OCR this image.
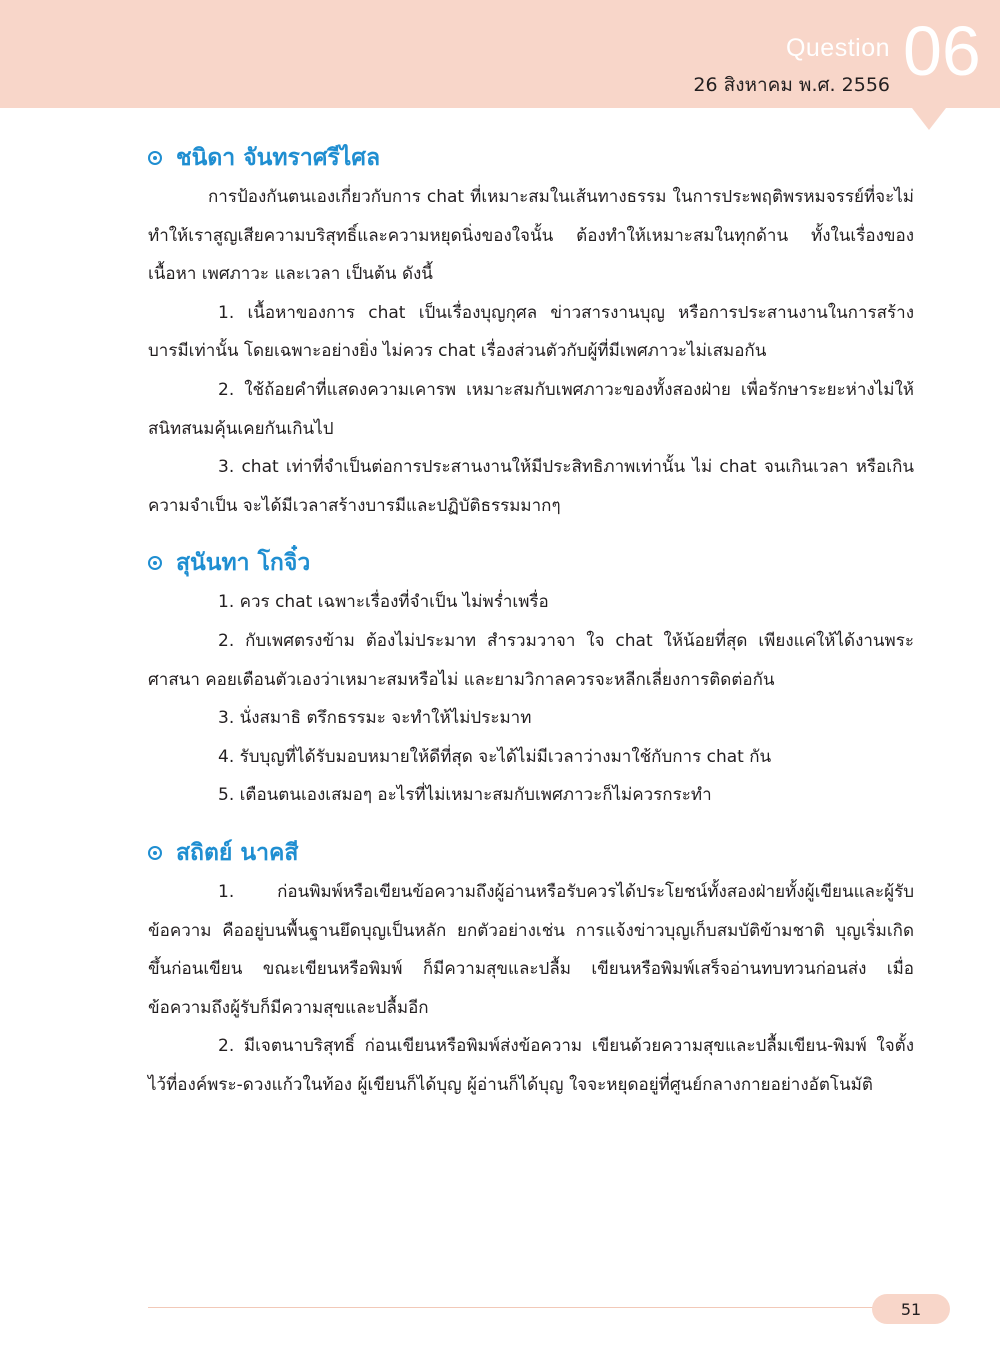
Question
26 สิงหาคม พ.ศ. 2556 06
ชนิดา จันทราศรีไศล

การป้องกันตนเองเกี่ยวกับการ chat ที่เหมาะสมในเส้นทางธรรม ในการประพฤติพรหมจรรย์ที่จะไม่ทำให้เราสูญเสียความบริสุทธิ์และความหยุดนิ่งของใจนั้น ต้องทำให้เหมาะสมในทุกด้าน ทั้งในเรื่องของเนื้อหา เพศภาวะ และเวลา เป็นต้น ดังนี้

1. เนื้อหาของการ chat เป็นเรื่องบุญกุศล ข่าวสารงานบุญ หรือการประสานงานในการสร้างบารมีเท่านั้น โดยเฉพาะอย่างยิ่ง ไม่ควร chat เรื่องส่วนตัวกับผู้ที่มีเพศภาวะไม่เสมอกัน

2. ใช้ถ้อยคำที่แสดงความเคารพ เหมาะสมกับเพศภาวะของทั้งสองฝ่าย เพื่อรักษาระยะห่างไม่ให้สนิทสนมคุ้นเคยกันเกินไป

3. chat เท่าที่จำเป็นต่อการประสานงานให้มีประสิทธิภาพเท่านั้น ไม่ chat จนเกินเวลา หรือเกินความจำเป็น จะได้มีเวลาสร้างบารมีและปฏิบัติธรรมมากๆ

สุนันทา โกจิ๋ว

1. ควร chat เฉพาะเรื่องที่จำเป็น ไม่พร่ำเพรื่อ

2. กับเพศตรงข้าม ต้องไม่ประมาท สำรวมวาจา ใจ chat ให้น้อยที่สุด เพียงแค่ให้ได้งานพระศาสนา คอยเตือนตัวเองว่าเหมาะสมหรือไม่ และยามวิกาลควรจะหลีกเลี่ยงการติดต่อกัน

3. นั่งสมาธิ ตรึกธรรมะ จะทำให้ไม่ประมาท

4. รับบุญที่ได้รับมอบหมายให้ดีที่สุด จะได้ไม่มีเวลาว่างมาใช้กับการ chat กัน

5. เตือนตนเองเสมอๆ อะไรที่ไม่เหมาะสมกับเพศภาวะก็ไม่ควรกระทำ

สถิตย์ นาคสี

1. ก่อนพิมพ์หรือเขียนข้อความถึงผู้อ่านหรือรับควรได้ประโยชน์ทั้งสองฝ่ายทั้งผู้เขียนและผู้รับข้อความ คืออยู่บนพื้นฐานยึดบุญเป็นหลัก ยกตัวอย่างเช่น การแจ้งข่าวบุญเก็บสมบัติข้ามชาติ บุญเริ่มเกิดขึ้นก่อนเขียน ขณะเขียนหรือพิมพ์ ก็มีความสุขและปลื้ม เขียนหรือพิมพ์เสร็จอ่านทบทวนก่อนส่ง เมื่อข้อความถึงผู้รับก็มีความสุขและปลื้มอีก

2. มีเจตนาบริสุทธิ์ ก่อนเขียนหรือพิมพ์ส่งข้อความ เขียนด้วยความสุขและปลื้มเขียน-พิมพ์ ใจตั้งไว้ที่องค์พระ-ดวงแก้วในท้อง ผู้เขียนก็ได้บุญ ผู้อ่านก็ได้บุญ ใจจะหยุดอยู่ที่ศูนย์กลางกายอย่างอัตโนมัติ

51
